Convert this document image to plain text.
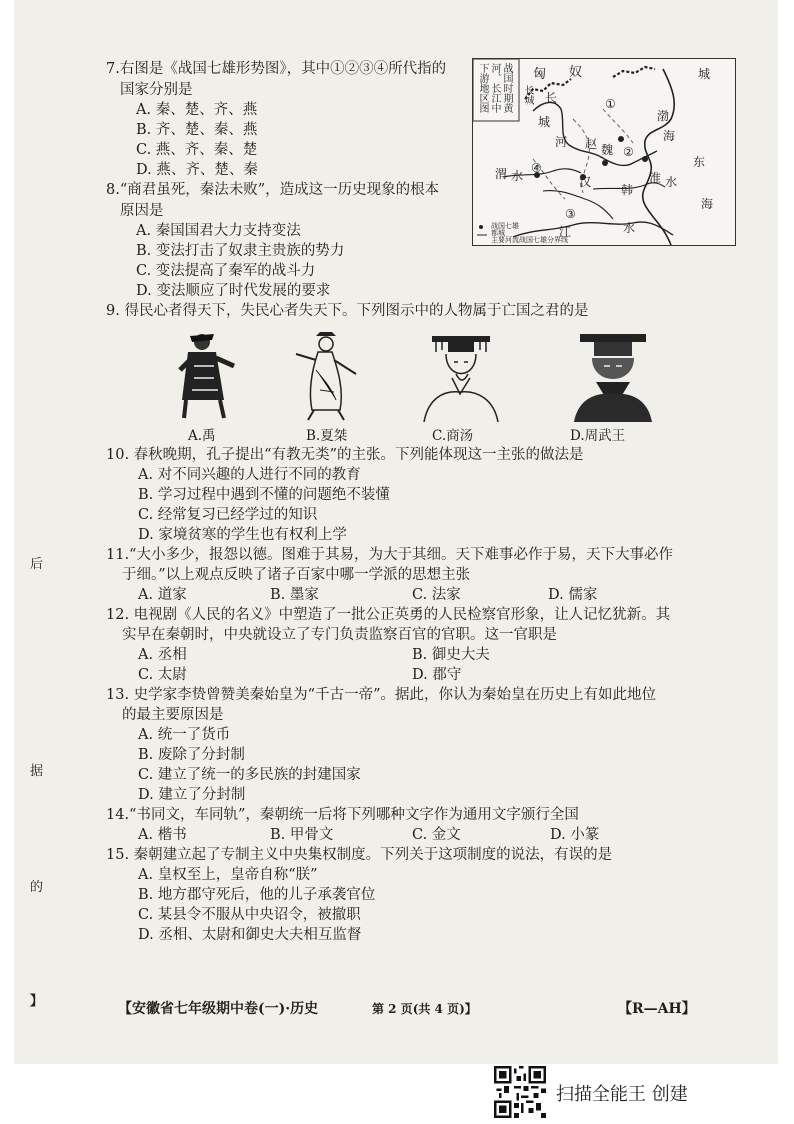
后
据
的
】
7.右图是《战国七雄形势图》，其中①②③④所代指的
国家分别是
A. 秦、楚、齐、燕
B. 齐、楚、秦、燕
C. 燕、齐、秦、楚
D. 燕、齐、楚、秦
战国时期黄河、长江中下游地区图	匈 奴
长
城
长城
城
河 赵
渤
海
东
海
渭 水
④
魏
韩
汉	淮 水
江	水
①
②
③
战国七雄
都城
主要河流 战国七雄分界线
8.“商君虽死，秦法未败”，造成这一历史现象的根本
原因是
A. 秦国国君大力支持变法
B. 变法打击了奴隶主贵族的势力
C. 变法提高了秦军的战斗力
D. 变法顺应了时代发展的要求
9. 得民心者得天下，失民心者失天下。下列图示中的人物属于亡国之君的是
A.禹	B.夏桀	C.商汤	D.周武王
10. 春秋晚期，孔子提出“有教无类”的主张。下列能体现这一主张的做法是
A. 对不同兴趣的人进行不同的教育
B. 学习过程中遇到不懂的问题绝不装懂
C. 经常复习已经学过的知识
D. 家境贫寒的学生也有权利上学
11.“大小多少，报怨以德。图难于其易，为大于其细。天下难事必作于易，天下大事必作
于细。”以上观点反映了诸子百家中哪一学派的思想主张
A. 道家	B. 墨家	C. 法家	D. 儒家
12. 电视剧《人民的名义》中塑造了一批公正英勇的人民检察官形象，让人记忆犹新。其
实早在秦朝时，中央就设立了专门负责监察百官的官职。这一官职是
A. 丞相	B. 御史大夫
C. 太尉	D. 郡守
13. 史学家李贽曾赞美秦始皇为“千古一帝”。据此，你认为秦始皇在历史上有如此地位
的最主要原因是
A. 统一了货币
B. 废除了分封制
C. 建立了统一的多民族的封建国家
D. 建立了分封制
14.“书同文，车同轨”，秦朝统一后将下列哪种文字作为通用文字颁行全国
A. 楷书	B. 甲骨文	C. 金文	D. 小篆
15. 秦朝建立起了专制主义中央集权制度。下列关于这项制度的说法，有误的是
A. 皇权至上，皇帝自称“朕”
B. 地方郡守死后，他的儿子承袭官位
C. 某县令不服从中央诏令，被撤职
D. 丞相、太尉和御史大夫相互监督
【安徽省七年级期中卷(一)·历史	第 2 页(共 4 页)】	【R—AH】
扫描全能王 创建
